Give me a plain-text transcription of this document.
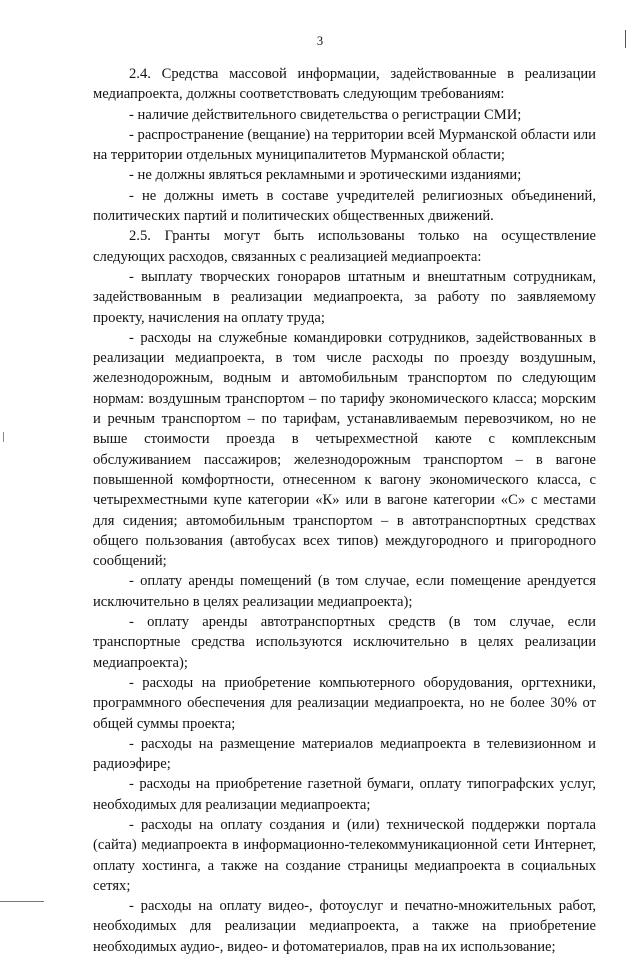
3

2.4. Средства массовой информации, задействованные в реализации медиапроекта, должны соответствовать следующим требованиям:

- наличие действительного свидетельства о регистрации СМИ;

- распространение (вещание) на территории всей Мурманской области или на территории отдельных муниципалитетов Мурманской области;

- не должны являться рекламными и эротическими изданиями;

- не должны иметь в составе учредителей религиозных объединений, политических партий и политических общественных движений.

2.5. Гранты могут быть использованы только на осуществление следующих расходов, связанных с реализацией медиапроекта:

- выплату творческих гонораров штатным и внештатным сотрудникам, задействованным в реализации медиапроекта, за работу по заявляемому проекту, начисления на оплату труда;

- расходы на служебные командировки сотрудников, задействованных в реализации медиапроекта, в том числе расходы по проезду воздушным, железнодорожным, водным и автомобильным транспортом по следующим нормам: воздушным транспортом – по тарифу экономического класса; морским и речным транспортом – по тарифам, устанавливаемым перевозчиком, но не выше стоимости проезда в четырехместной каюте с комплексным обслуживанием пассажиров; железнодорожным транспортом – в вагоне повышенной комфортности, отнесенном к вагону экономического класса, с четырехместными купе категории «К» или в вагоне категории «С» с местами для сидения; автомобильным транспортом – в автотранспортных средствах общего пользования (автобусах всех типов) междугородного и пригородного сообщений;

- оплату аренды помещений (в том случае, если помещение арендуется исключительно в целях реализации медиапроекта);

- оплату аренды автотранспортных средств (в том случае, если транспортные средства используются исключительно в целях реализации медиапроекта);

- расходы на приобретение компьютерного оборудования, оргтехники, программного обеспечения для реализации медиапроекта, но не более 30% от общей суммы проекта;

- расходы на размещение материалов медиапроекта в телевизионном и радиоэфире;

- расходы на приобретение газетной бумаги, оплату типографских услуг, необходимых для реализации медиапроекта;

- расходы на оплату создания и (или) технической поддержки портала (сайта) медиапроекта в информационно-телекоммуникационной сети Интернет, оплату хостинга, а также на создание страницы медиапроекта в социальных сетях;

- расходы на оплату видео-, фотоуслуг и печатно-множительных работ, необходимых для реализации медиапроекта, а также на приобретение необходимых аудио-, видео- и фотоматериалов, прав на их использование;
